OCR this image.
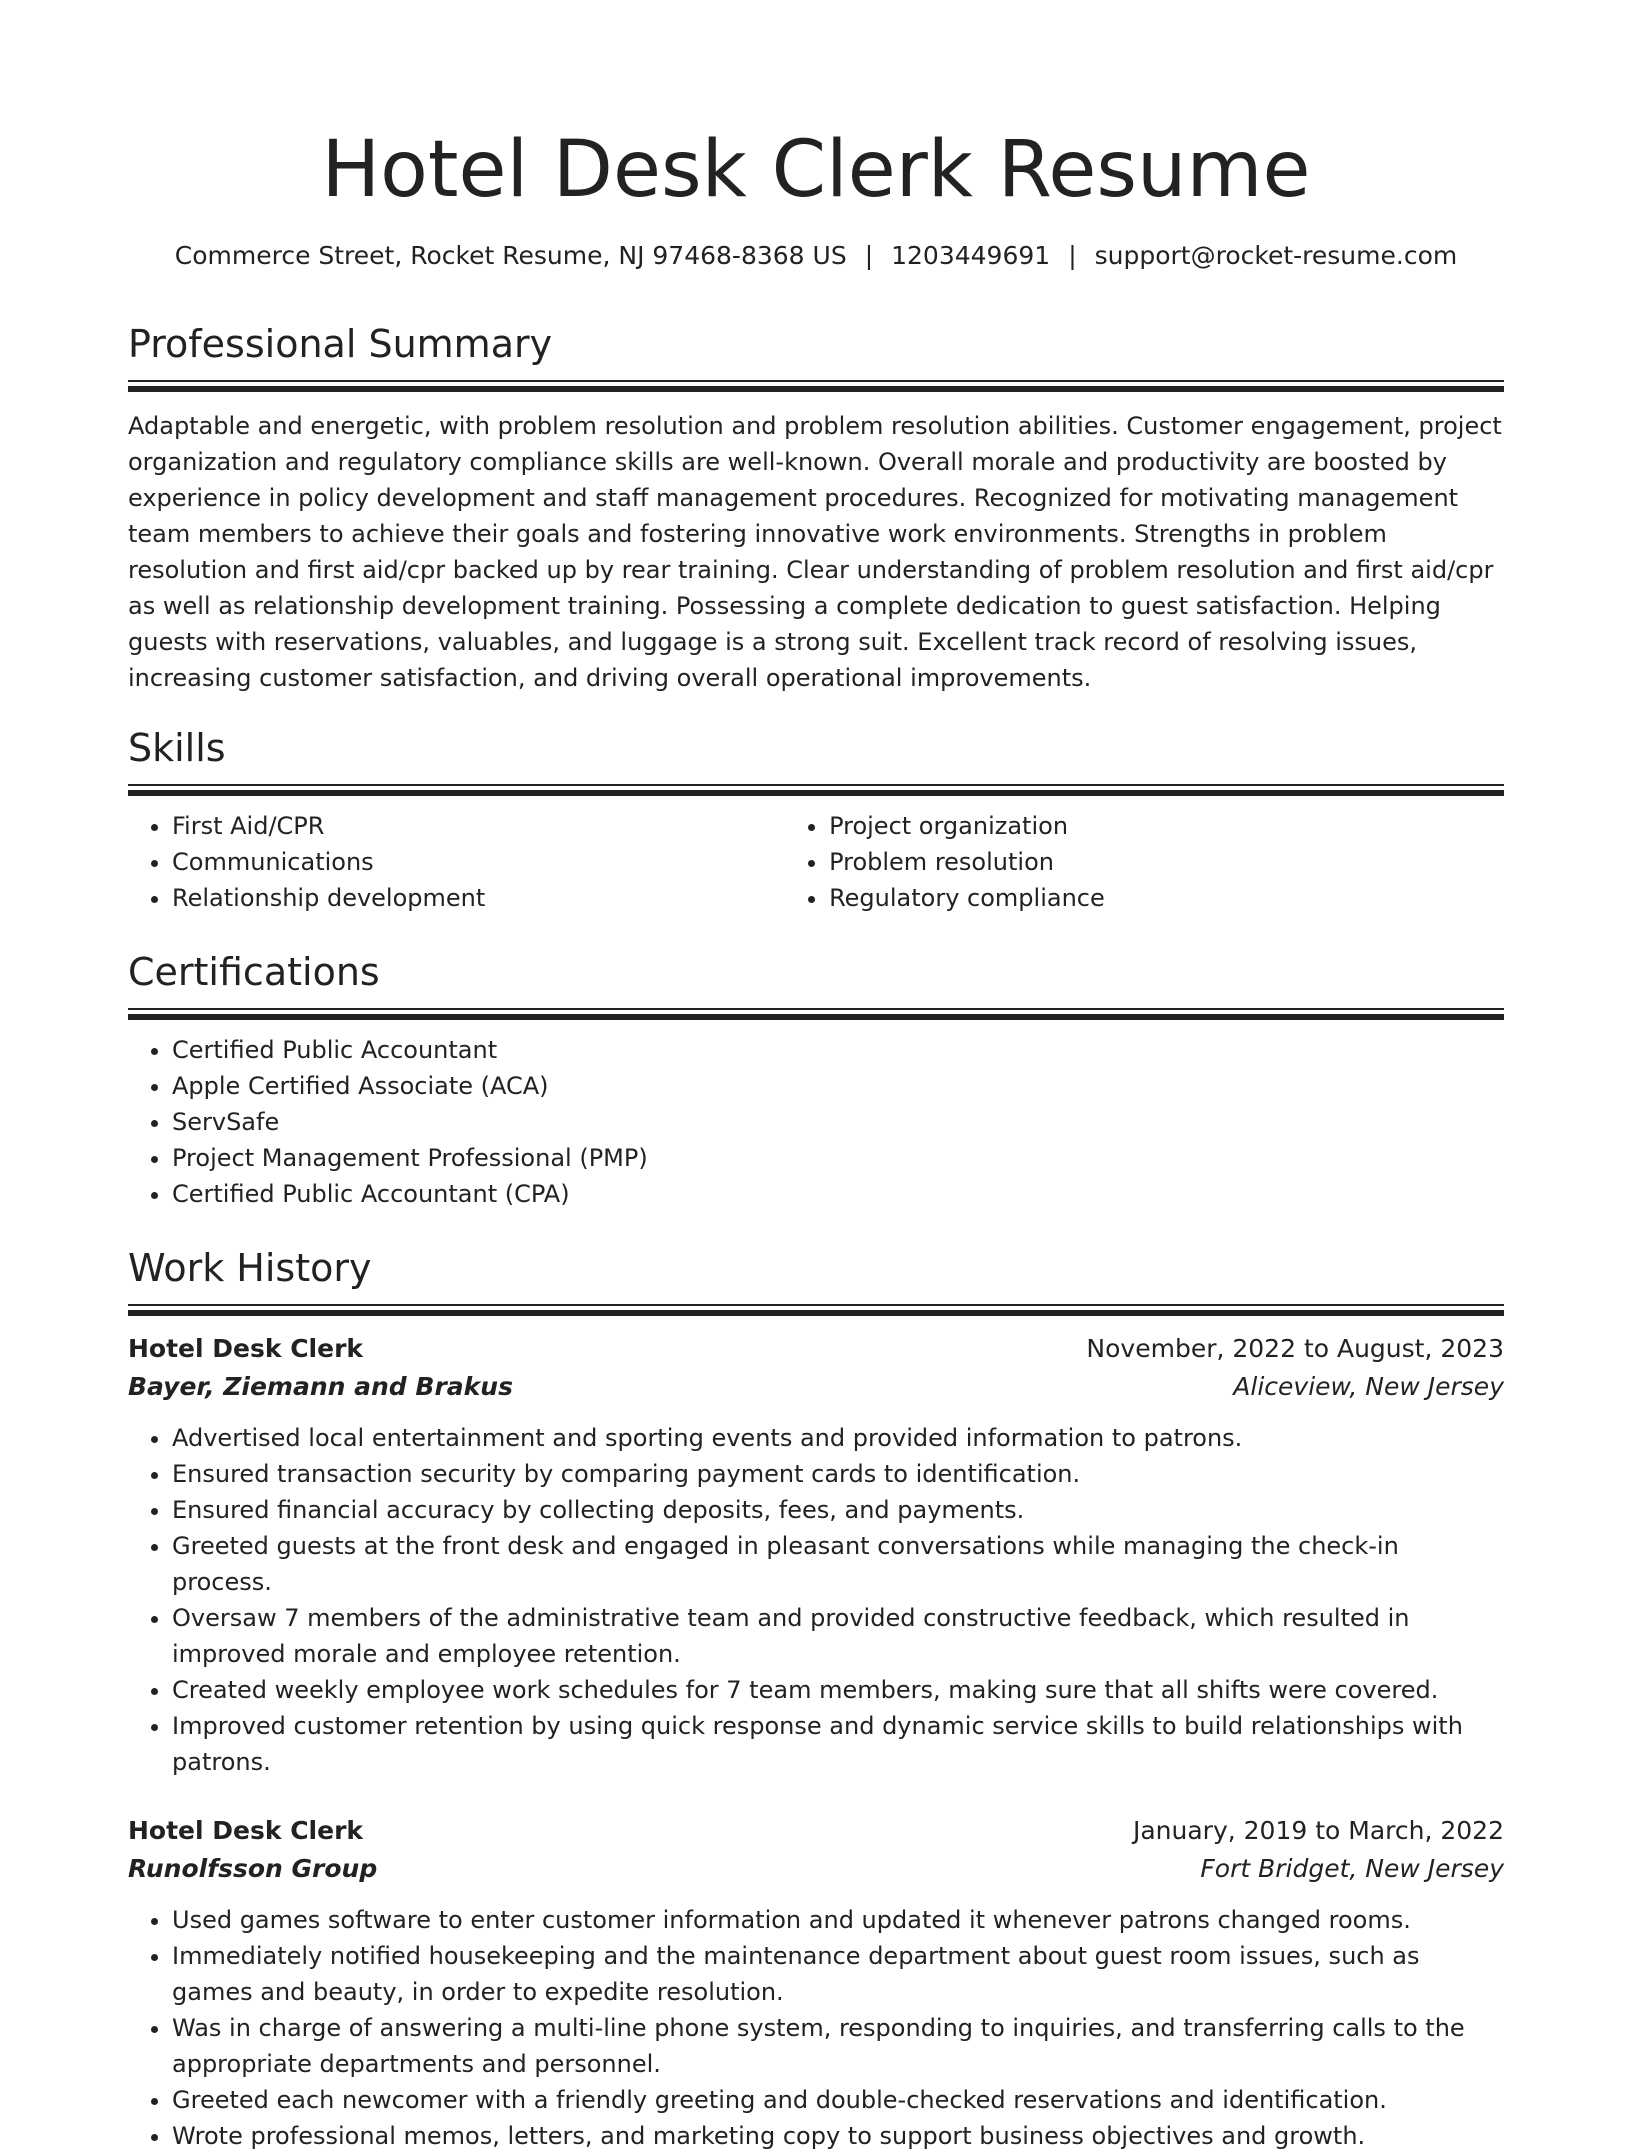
Hotel Desk Clerk Resume
Commerce Street, Rocket Resume, NJ 97468-8368 US | 1203449691 | support@rocket-resume.com
Professional Summary

Adaptable and energetic, with problem resolution and problem resolution abilities. Customer engagement, project organization and regulatory compliance skills are well-known. Overall morale and productivity are boosted by experience in policy development and staff management procedures. Recognized for motivating management team members to achieve their goals and fostering innovative work environments. Strengths in problem resolution and first aid/cpr backed up by rear training. Clear understanding of problem resolution and first aid/cpr as well as relationship development training. Possessing a complete dedication to guest satisfaction. Helping guests with reservations, valuables, and luggage is a strong suit. Excellent track record of resolving issues, increasing customer satisfaction, and driving overall operational improvements.

Skills
• First Aid/CPR
• Communications
• Relationship development
• Project organization
• Problem resolution
• Regulatory compliance
Certifications
• Certified Public Accountant
• Apple Certified Associate (ACA)
• ServSafe
• Project Management Professional (PMP)
• Certified Public Accountant (CPA)
Work History
Hotel Desk Clerk	November, 2022 to August, 2023
Bayer, Ziemann and Brakus	Aliceview, New Jersey
• Advertised local entertainment and sporting events and provided information to patrons.
• Ensured transaction security by comparing payment cards to identification.
• Ensured financial accuracy by collecting deposits, fees, and payments.
• Greeted guests at the front desk and engaged in pleasant conversations while managing the check-in process.
• Oversaw 7 members of the administrative team and provided constructive feedback, which resulted in improved morale and employee retention.
• Created weekly employee work schedules for 7 team members, making sure that all shifts were covered.
• Improved customer retention by using quick response and dynamic service skills to build relationships with patrons.
Hotel Desk Clerk	January, 2019 to March, 2022
Runolfsson Group	Fort Bridget, New Jersey
• Used games software to enter customer information and updated it whenever patrons changed rooms.
• Immediately notified housekeeping and the maintenance department about guest room issues, such as games and beauty, in order to expedite resolution.
• Was in charge of answering a multi-line phone system, responding to inquiries, and transferring calls to the appropriate departments and personnel.
• Greeted each newcomer with a friendly greeting and double-checked reservations and identification.
• Wrote professional memos, letters, and marketing copy to support business objectives and growth.
